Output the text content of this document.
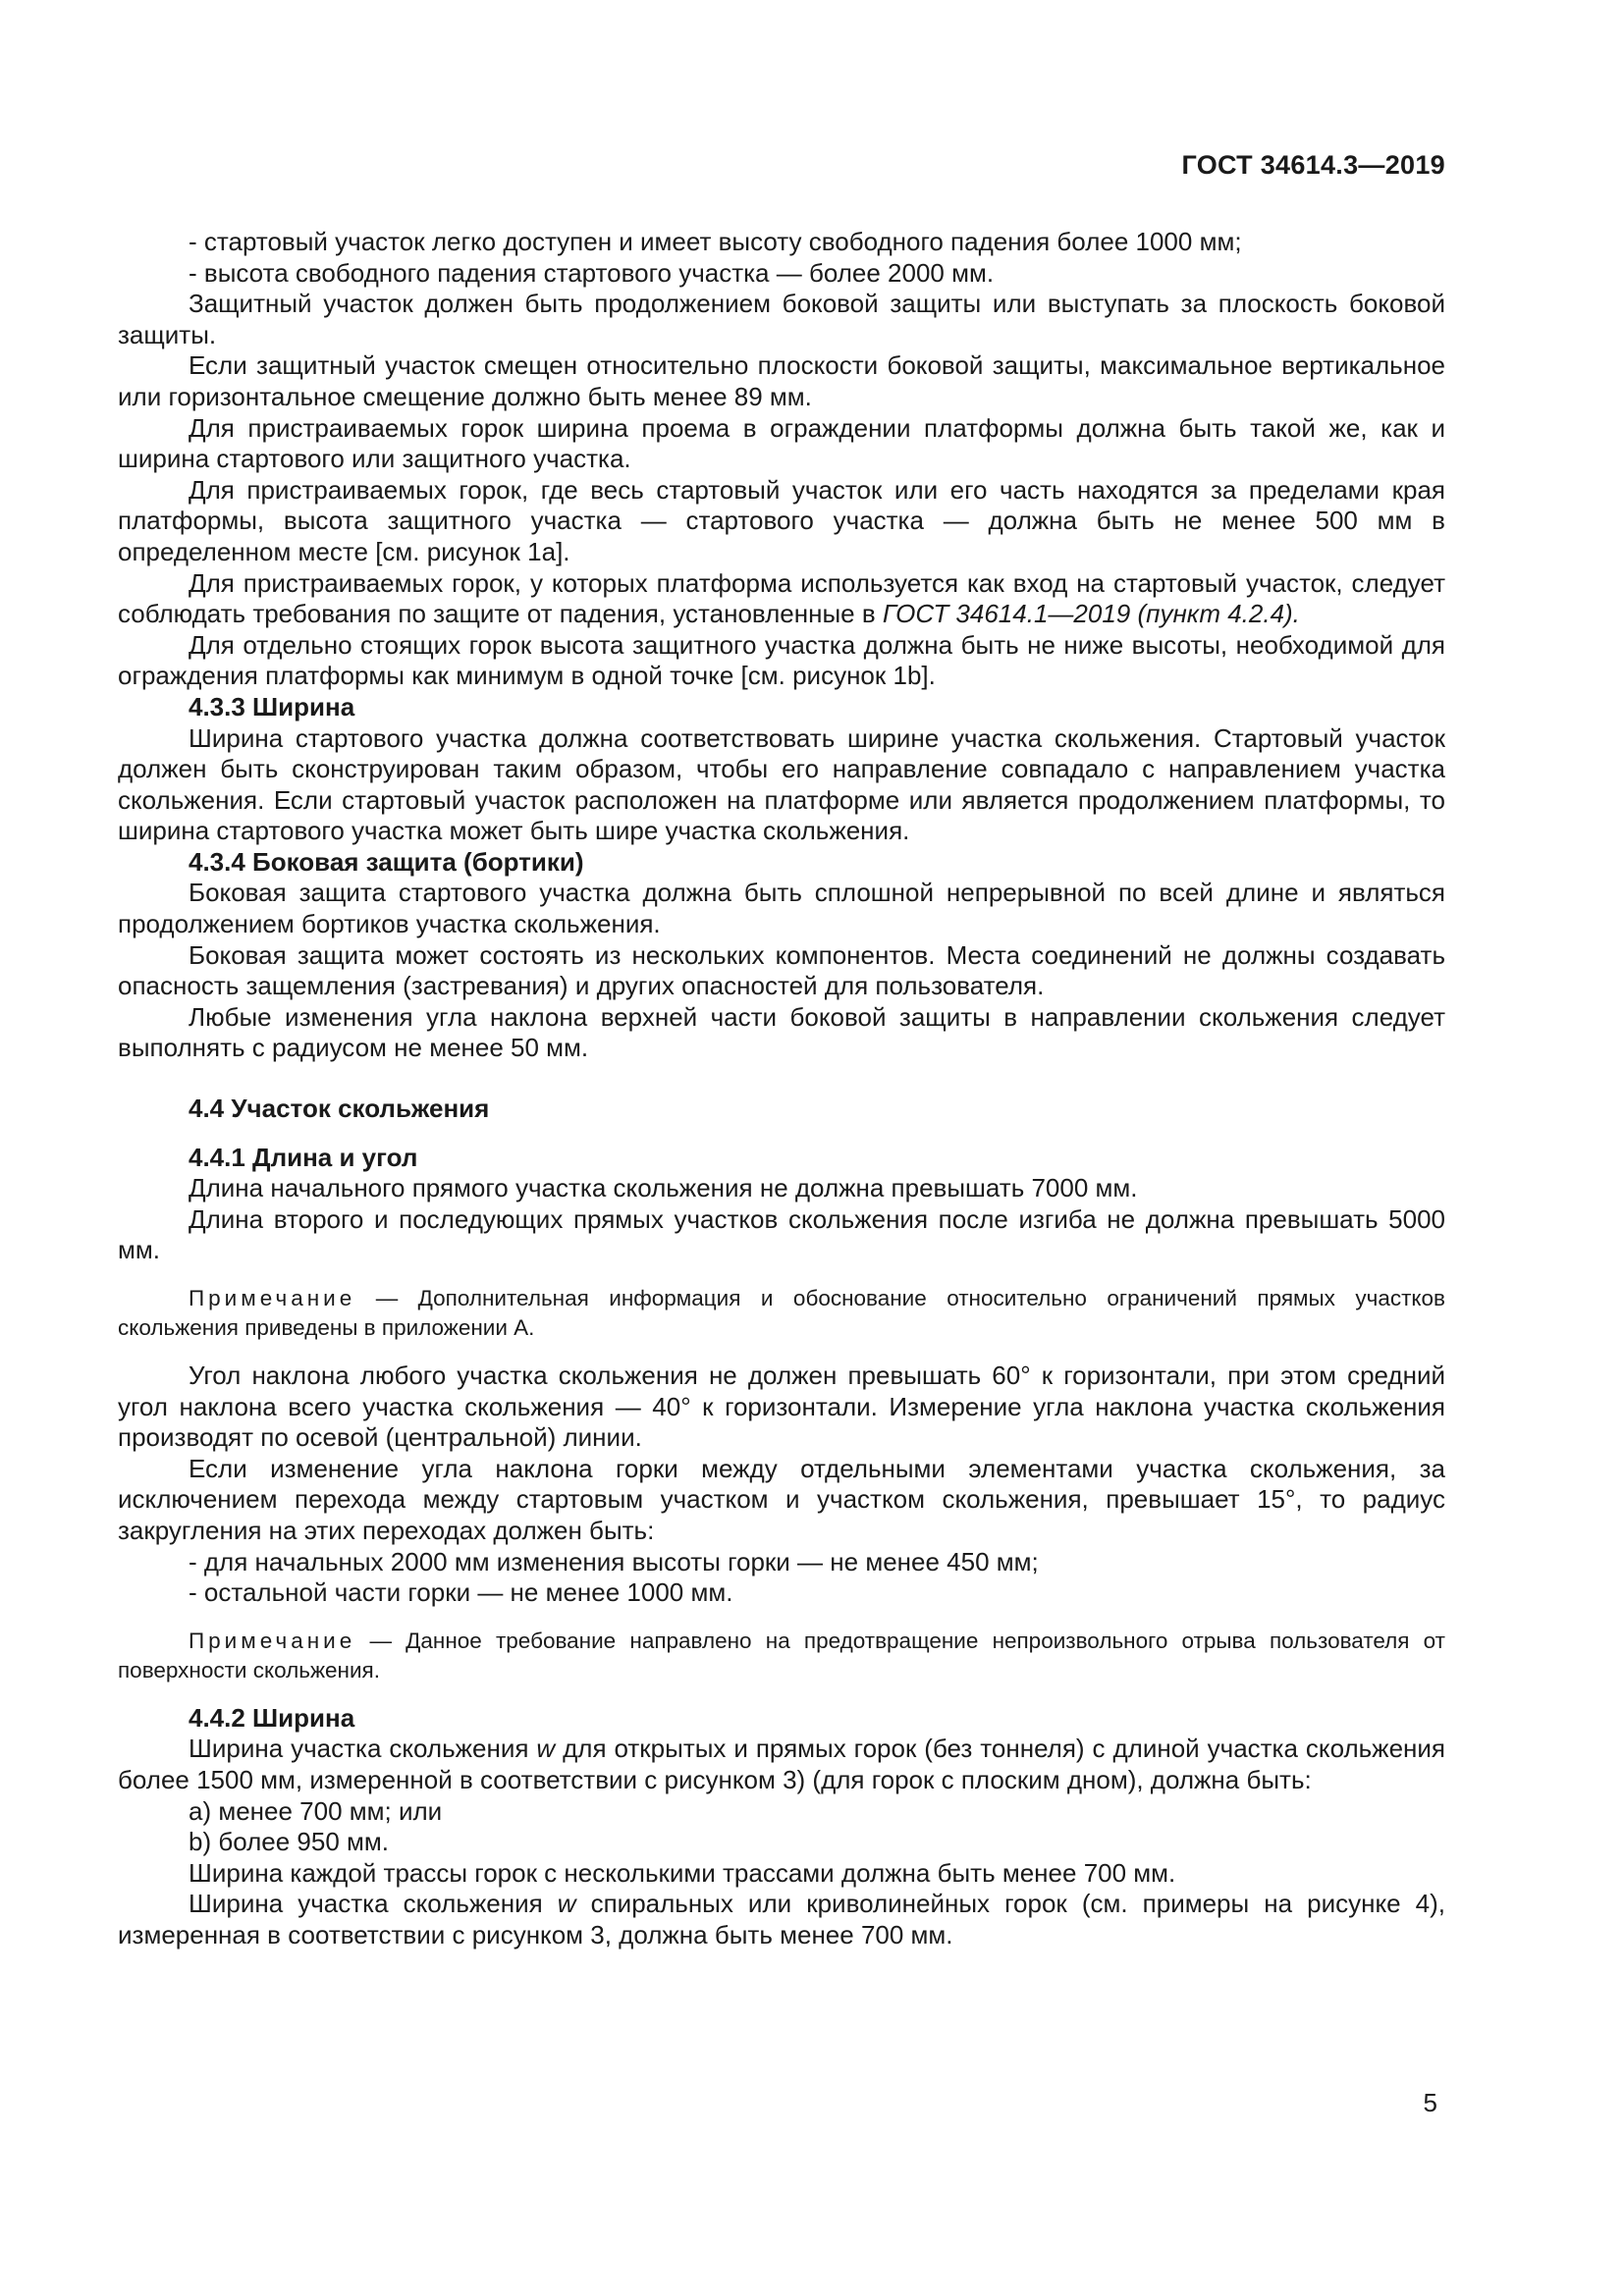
ГОСТ 34614.3—2019

- стартовый участок легко доступен и имеет высоту свободного падения более 1000 мм;

- высота свободного падения стартового участка — более 2000 мм.

Защитный участок должен быть продолжением боковой защиты или выступать за плоскость боковой защиты.

Если защитный участок смещен относительно плоскости боковой защиты, максимальное вертикальное или горизонтальное смещение должно быть менее 89 мм.

Для пристраиваемых горок ширина проема в ограждении платформы должна быть такой же, как и ширина стартового или защитного участка.

Для пристраиваемых горок, где весь стартовый участок или его часть находятся за пределами края платформы, высота защитного участка — стартового участка — должна быть не менее 500 мм в определенном месте [см. рисунок 1а].

Для пристраиваемых горок, у которых платформа используется как вход на стартовый участок, следует соблюдать требования по защите от падения, установленные в ГОСТ 34614.1—2019 (пункт 4.2.4).

Для отдельно стоящих горок высота защитного участка должна быть не ниже высоты, необходимой для ограждения платформы как минимум в одной точке [см. рисунок 1b].

4.3.3 Ширина

Ширина стартового участка должна соответствовать ширине участка скольжения. Стартовый участок должен быть сконструирован таким образом, чтобы его направление совпадало с направлением участка скольжения. Если стартовый участок расположен на платформе или является продолжением платформы, то ширина стартового участка может быть шире участка скольжения.

4.3.4 Боковая защита (бортики)

Боковая защита стартового участка должна быть сплошной непрерывной по всей длине и являться продолжением бортиков участка скольжения.

Боковая защита может состоять из нескольких компонентов. Места соединений не должны создавать опасность защемления (застревания) и других опасностей для пользователя.

Любые изменения угла наклона верхней части боковой защиты в направлении скольжения следует выполнять с радиусом не менее 50 мм.

4.4 Участок скольжения
4.4.1 Длина и угол

Длина начального прямого участка скольжения не должна превышать 7000 мм.

Длина второго и последующих прямых участков скольжения после изгиба не должна превышать 5000 мм.

Примечание — Дополнительная информация и обоснование относительно ограничений прямых участков скольжения приведены в приложении А.

Угол наклона любого участка скольжения не должен превышать 60° к горизонтали, при этом средний угол наклона всего участка скольжения — 40° к горизонтали. Измерение угла наклона участка скольжения производят по осевой (центральной) линии.

Если изменение угла наклона горки между отдельными элементами участка скольжения, за исключением перехода между стартовым участком и участком скольжения, превышает 15°, то радиус закругления на этих переходах должен быть:

- для начальных 2000 мм изменения высоты горки — не менее 450 мм;

- остальной части горки — не менее 1000 мм.

Примечание — Данное требование направлено на предотвращение непроизвольного отрыва пользователя от поверхности скольжения.

4.4.2 Ширина

Ширина участка скольжения w для открытых и прямых горок (без тоннеля) с длиной участка скольжения более 1500 мм, измеренной в соответствии с рисунком 3) (для горок с плоским дном), должна быть:

a) менее 700 мм; или

b) более 950 мм.

Ширина каждой трассы горок с несколькими трассами должна быть менее 700 мм.

Ширина участка скольжения w спиральных или криволинейных горок (см. примеры на рисунке 4), измеренная в соответствии с рисунком 3, должна быть менее 700 мм.

5
